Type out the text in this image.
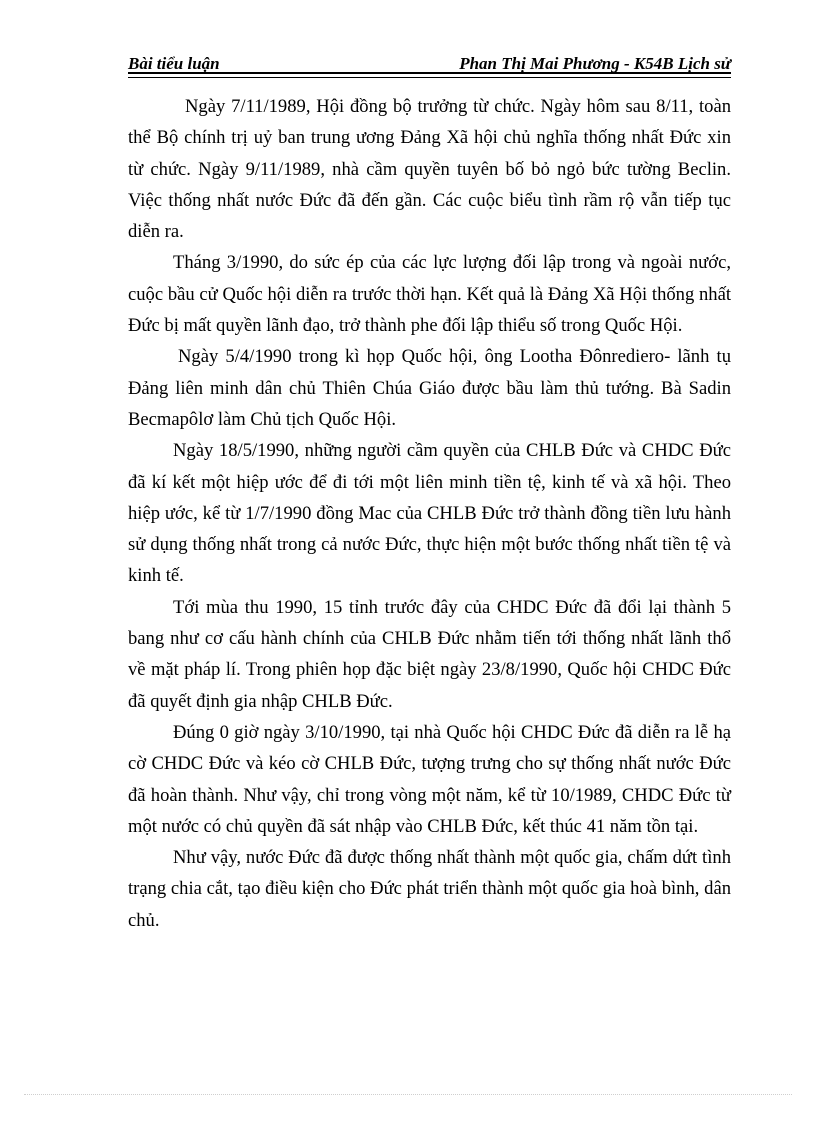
Bài tiểu luận	Phan Thị Mai Phương - K54B Lịch sử

Ngày 7/11/1989, Hội đồng bộ trưởng từ chức. Ngày hôm sau 8/11, toàn thể Bộ chính trị uỷ ban trung ương Đảng Xã hội chủ nghĩa thống nhất Đức xin từ chức. Ngày 9/11/1989, nhà cầm quyền tuyên bố bỏ ngỏ bức tường Beclin. Việc thống nhất nước Đức đã đến gần. Các cuộc biểu tình rầm rộ vẫn tiếp tục diễn ra.

Tháng 3/1990, do sức ép của các lực lượng đối lập trong và ngoài nước, cuộc bầu cử Quốc hội diễn ra trước thời hạn. Kết quả là Đảng Xã Hội thống nhất Đức bị mất quyền lãnh đạo, trở thành phe đối lập thiểu số trong Quốc Hội.

Ngày 5/4/1990 trong kì họp Quốc hội, ông Lootha Đônrediero- lãnh tụ Đảng liên minh dân chủ Thiên Chúa Giáo được bầu làm thủ tướng. Bà Sadin Becmapôlơ làm Chủ tịch Quốc Hội.

Ngày 18/5/1990, những người cầm quyền của CHLB Đức và CHDC Đức đã kí kết một hiệp ước để đi tới một liên minh tiền tệ, kinh tế và xã hội. Theo hiệp ước, kể từ 1/7/1990 đồng Mac của CHLB Đức trở thành đồng tiền lưu hành sử dụng thống nhất trong cả nước Đức, thực hiện một bước thống nhất tiền tệ và kinh tế.

Tới mùa thu 1990, 15 tỉnh trước đây của CHDC Đức đã đổi lại thành 5 bang như cơ cấu hành chính của CHLB Đức nhằm tiến tới thống nhất lãnh thổ về mặt pháp lí. Trong phiên họp đặc biệt ngày 23/8/1990, Quốc hội CHDC Đức đã quyết định gia nhập CHLB Đức.

Đúng 0 giờ ngày 3/10/1990, tại nhà Quốc hội CHDC Đức đã diễn ra lễ hạ cờ CHDC Đức và kéo cờ CHLB Đức, tượng trưng cho sự thống nhất nước Đức đã hoàn thành. Như vậy, chỉ trong vòng một năm, kể từ 10/1989, CHDC Đức từ một nước có chủ quyền đã sát nhập vào CHLB Đức, kết thúc 41 năm tồn tại.

Như vậy, nước Đức đã được thống nhất thành một quốc gia, chấm dứt tình trạng chia cắt, tạo điều kiện cho Đức phát triển thành một quốc gia hoà bình, dân chủ.
